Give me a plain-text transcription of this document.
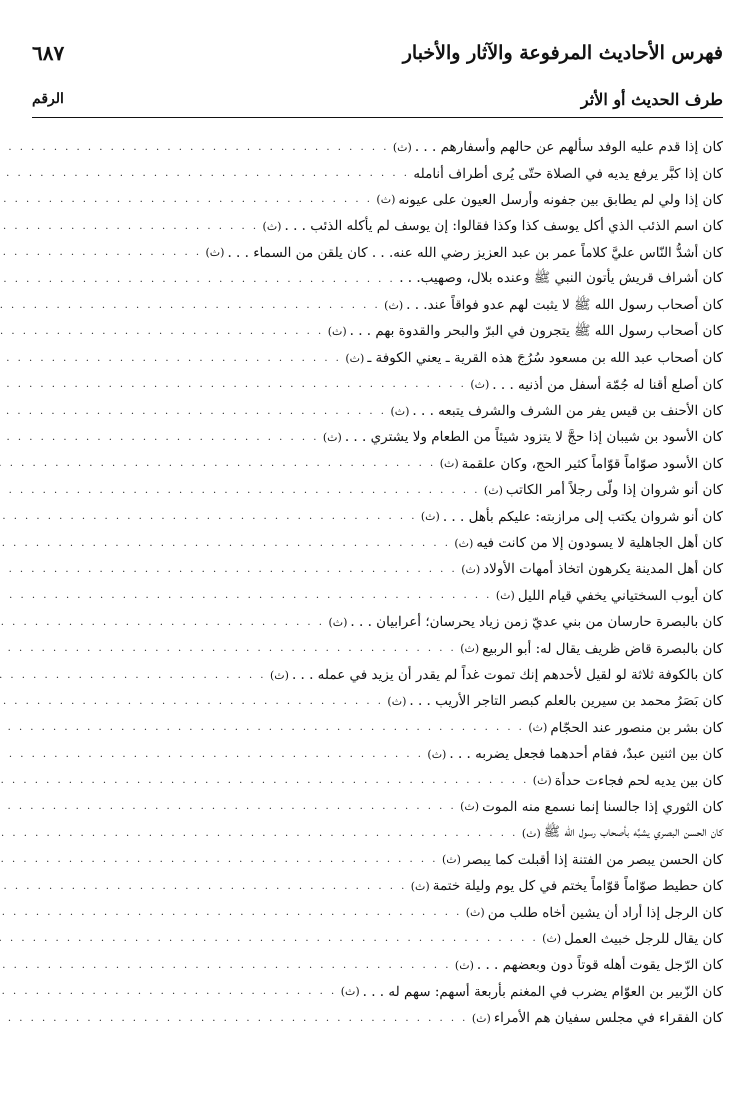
فهرس الأحاديث المرفوعة والآثار والأخبار
٦٨٧
طرف الحديث أو الأثر
الرقم
كان إذا قدم عليه الوفد سألهم عن حالهم وأسفارهم . . .
(ث)
. . .
كان إذا كبَّر يرفع يديه في الصلاة حتّى يُرى أطراف أنامله
. . .
كان إذا ولي لم يطابق بين جفونه وأرسل العيون على عيونه
(ث)
. . .
كان اسم الذئب الذي أكل يوسف كذا وكذا فقالوا: إن يوسف لم يأكله الذئب . . .
(ث)
. . .
كان أشدُّ النّاس عليَّ كلاماً عمر بن عبد العزيز رضي الله عنه. . . كان يلقن من السماء . . .
(ث)
. . .
كان أشراف قريش يأتون النبي ﷺ وعنده بلال، وصهيب. . .
. . .
كان أصحاب رسول الله ﷺ لا يثبت لهم عدو فواقاً عند. . .
(ث)
. . .
كان أصحاب رسول الله ﷺ يتجرون في البرّ والبحر والقدوة بهم . . .
(ث)
. . .
كان أصحاب عبد الله بن مسعود سُرُجَ هذه القرية ـ يعني الكوفة ـ
(ث)
. . .
كان أصلع أقنا له جُمّة أسفل من أذنيه . . .
(ث)
. . .
كان الأحنف بن قيس يفر من الشرف والشرف يتبعه . . .
(ث)
. . .
كان الأسود بن شيبان إذا حجَّ لا يتزود شيئاً من الطعام ولا يشتري . . .
(ث)
. . .
كان الأسود صوّاماً قوّاماً كثير الحج، وكان علقمة
(ث)
. . .
كان أنو شروان إذا ولّى رجلاً أمر الكاتب
(ث)
. . .
كان أنو شروان يكتب إلى مرازبته: عليكم بأهل . . .
(ث)
. . .
كان أهل الجاهلية لا يسودون إلا من كانت فيه
(ث)
. . .
كان أهل المدينة يكرهون اتخاذ أمهات الأولاد
(ث)
. . .
كان أيوب السختياني يخفي قيام الليل
(ث)
. . .
كان بالبصرة حارسان من بني عديّ زمن زياد يحرسان؛ أعرابيان . . .
(ث)
. . .
كان بالبصرة قاض ظريف يقال له: أبو الربيع
(ث)
. . .
كان بالكوفة ثلاثة لو لقيل لأحدهم إنك تموت غداً لم يقدر أن يزيد في عمله . . .
(ث)
. . .
كان بَصَرُ محمد بن سيرين بالعلم كبصر التاجر الأريب . . .
(ث)
. . .
كان بشر بن منصور عند الحجّام
(ث)
. . .
كان بين اثنين عبدٌ، فقام أحدهما فجعل يضربه . . .
(ث)
. . .
كان بين يديه لحم فجاءت حدأة
(ث)
. . .
كان الثوري إذا جالسنا إنما نسمع منه الموت
(ث)
. . .
كان الحسن البصري يشبَّه بأصحاب رسول الله ﷺ
(ث)
. . .
كان الحسن يبصر من الفتنة إذا أقبلت كما يبصر
(ث)
. . .
كان حطيط صوّاماً قوّاماً يختم في كل يوم وليلة ختمة
(ث)
. . .
كان الرجل إذا أراد أن يشين أخاه طلب من
(ث)
. . .
كان يقال للرجل خبيث العمل
(ث)
. . .
كان الرّجل يقوت أهله قوتاً دون وبعضهم . . .
(ث)
. . .
كان الزّبير بن العوّام يضرب في المغنم بأربعة أسهم: سهم له . . .
(ث)
. . .
كان الفقراء في مجلس سفيان هم الأمراء
(ث)
. . .
